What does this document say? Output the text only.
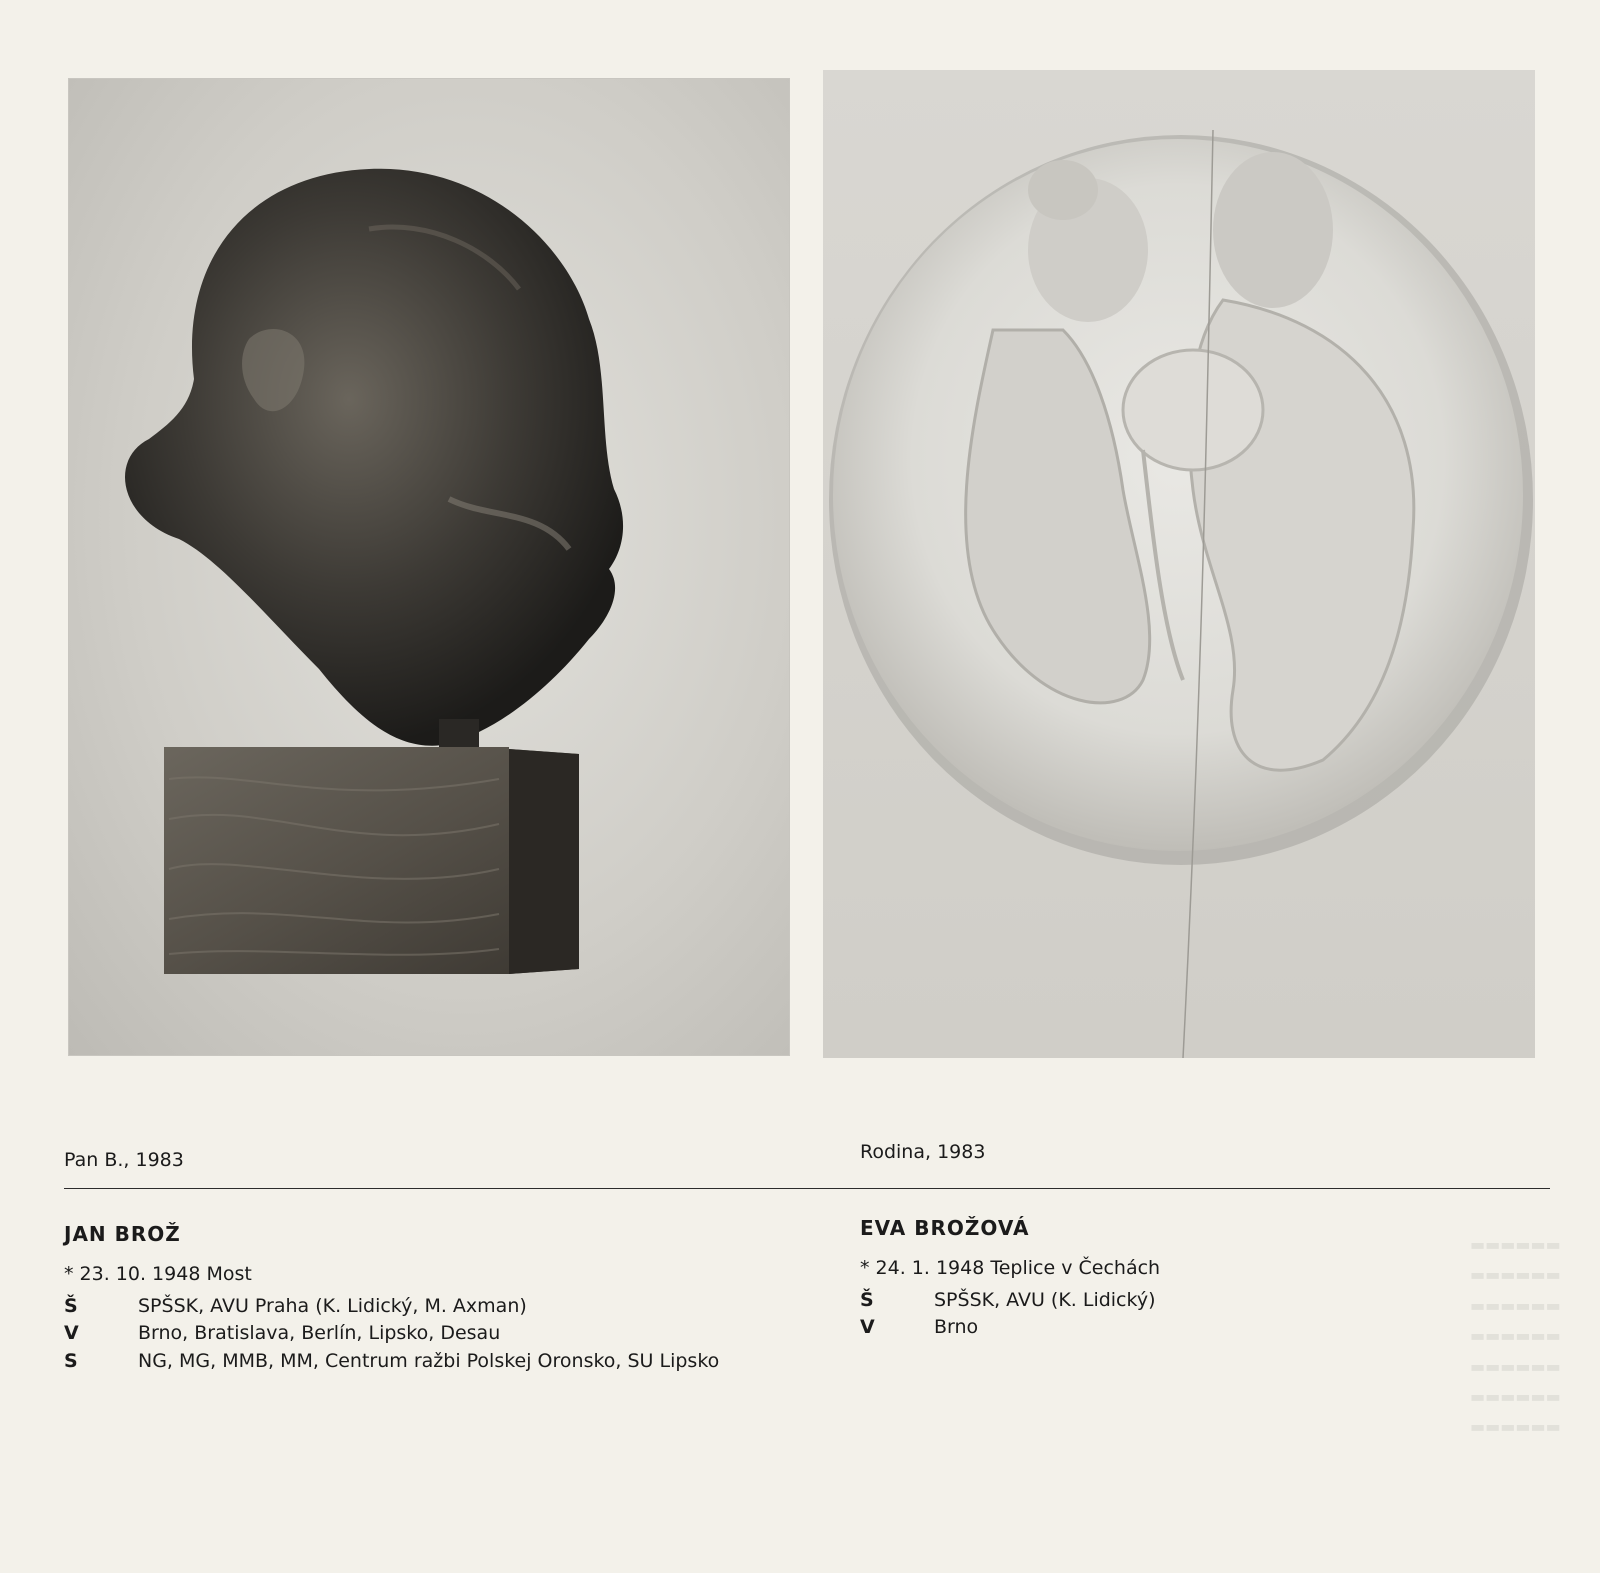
▬▬▬▬▬▬
▬▬▬▬▬▬
▬▬▬▬▬▬
▬▬▬▬▬▬
▬▬▬▬▬▬
▬▬▬▬▬▬
▬▬▬▬▬▬
Pan B., 1983	Rodina, 1983
JAN BROŽ
* 23. 10. 1948 Most
Š	SPŠSK, AVU Praha (K. Lidický, M. Axman)
V	Brno, Bratislava, Berlín, Lipsko, Desau
S	NG, MG, MMB, MM, Centrum ražbi Polskej Oronsko, SU Lipsko
EVA BROŽOVÁ
* 24. 1. 1948 Teplice v Čechách
Š	SPŠSK, AVU (K. Lidický)
V	Brno
